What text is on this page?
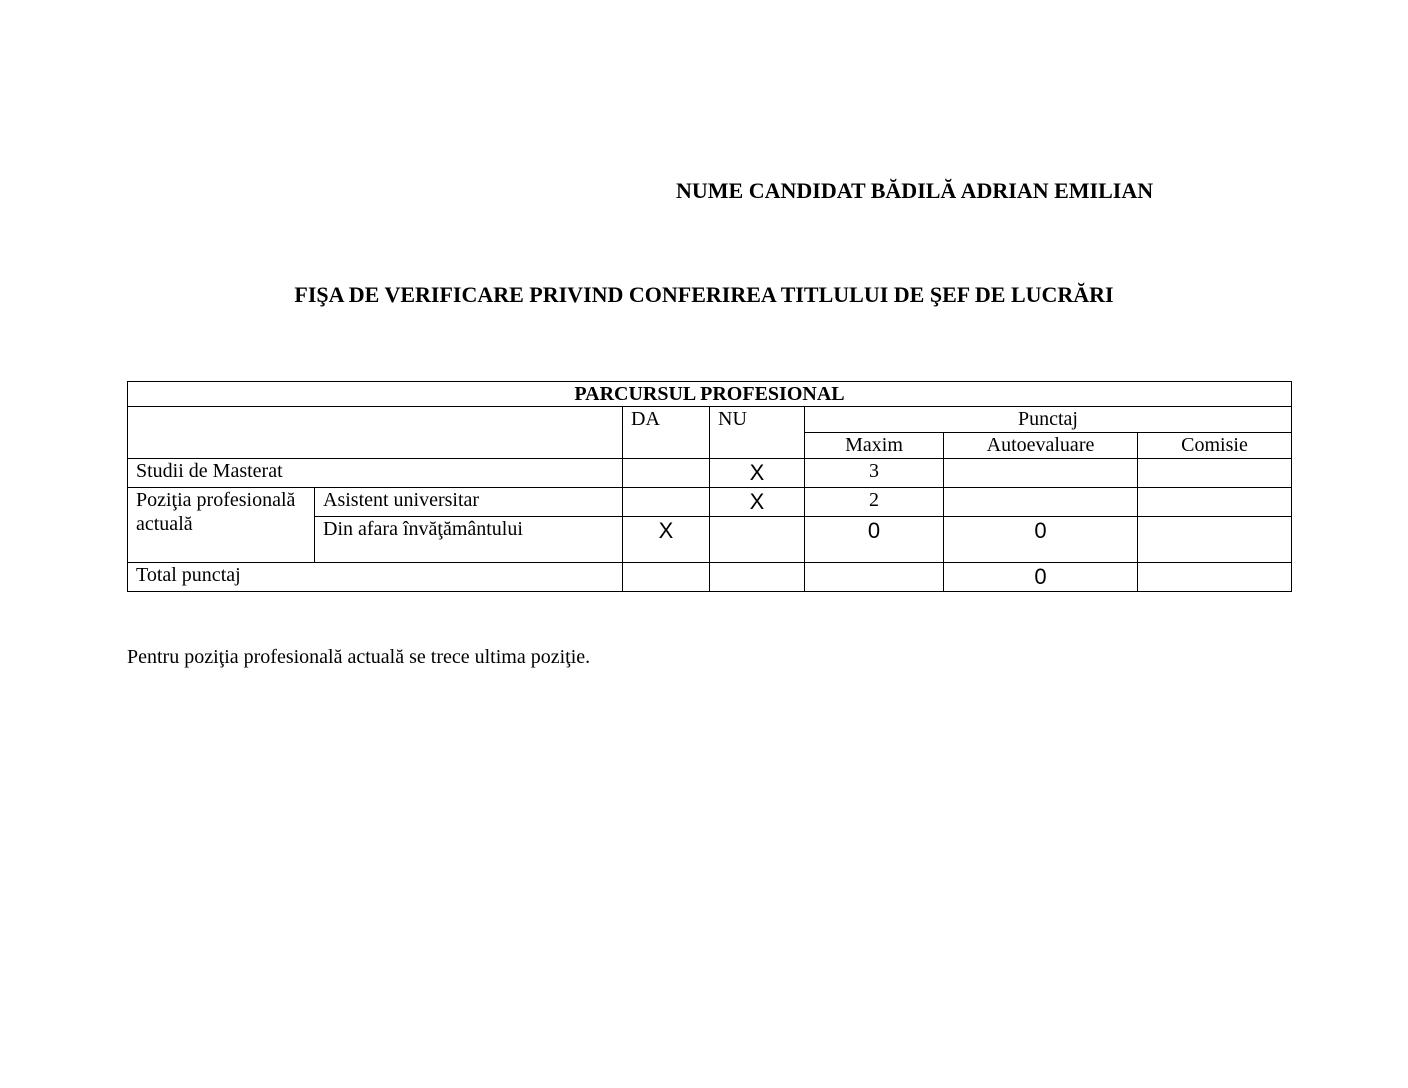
NUME CANDIDAT BĂDILĂ ADRIAN EMILIAN
FIŞA DE VERIFICARE PRIVIND CONFERIREA TITLULUI DE ŞEF DE LUCRĂRI
PARCURSUL PROFESIONAL						
		DA	NU	Punctaj		
				Maxim	Autoevaluare	Comisie
Studii de Masterat			X	3		
Poziţia profesională actuală	Asistent universitar		X	2		
	Din afara învăţământului	X		0	0	
Total punctaj					0	
Pentru poziţia profesională actuală se trece ultima poziţie.
